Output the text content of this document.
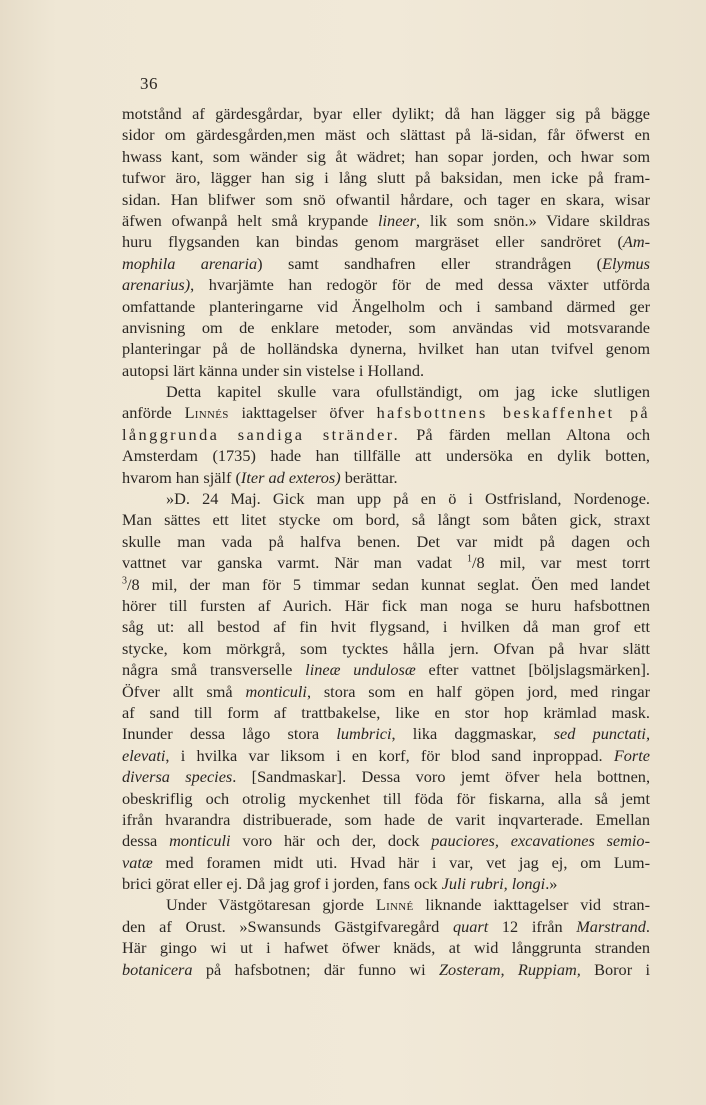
36
motstånd af gärdesgårdar, byar eller dylikt; då han lägger sig på bägge
sidor om gärdesgården,men mäst och slättast på lä-sidan, får öfwerst en
hwass kant, som wänder sig åt wädret; han sopar jorden, och hwar som
tufwor äro, lägger han sig i lång slutt på baksidan, men icke på fram-
sidan. Han blifwer som snö ofwantil hårdare, och tager en skara, wisar
äfwen ofwanpå helt små krypande lineer, lik som snön.» Vidare skildras
huru flygsanden kan bindas genom margräset eller sandröret (Am-
mophila arenaria) samt sandhafren eller strandrågen (Elymus
arenarius), hvarjämte han redogör för de med dessa växter utförda
omfattande planteringarne vid Ängelholm och i samband därmed ger
anvisning om de enklare metoder, som användas vid motsvarande
planteringar på de holländska dynerna, hvilket han utan tvifvel genom
autopsi lärt känna under sin vistelse i Holland.
Detta kapitel skulle vara ofullständigt, om jag icke slutligen
anförde Linnés iakttagelser öfver hafsbottnens beskaffenhet på
långgrunda sandiga stränder. På färden mellan Altona och
Amsterdam (1735) hade han tillfälle att undersöka en dylik botten,
hvarom han själf (Iter ad exteros) berättar.
»D. 24 Maj. Gick man upp på en ö i Ostfrisland, Nordenoge.
Man sättes ett litet stycke om bord, så långt som båten gick, straxt
skulle man vada på halfva benen. Det var midt på dagen och
vattnet var ganska varmt. När man vadat $^1$/8 mil, var mest torrt
$^3$/8 mil, der man för 5 timmar sedan kunnat seglat. Öen med landet
hörer till fursten af Aurich. Här fick man noga se huru hafsbottnen
såg ut: all bestod af fin hvit flygsand, i hvilken då man grof ett
stycke, kom mörkgrå, som tycktes hålla jern. Ofvan på hvar slätt
några små transverselle lineæ undulosæ efter vattnet [böljslagsmärken].
Öfver allt små monticuli, stora som en half göpen jord, med ringar
af sand till form af trattbakelse, like en stor hop krämlad mask.
Inunder dessa lågo stora lumbrici, lika daggmaskar, sed punctati,
elevati, i hvilka var liksom i en korf, för blod sand inproppad. Forte
diversa species. [Sandmaskar]. Dessa voro jemt öfver hela bottnen,
obeskriflig och otrolig myckenhet till föda för fiskarna, alla så jemt
ifrån hvarandra distribuerade, som hade de varit inqvarterade. Emellan
dessa monticuli voro här och der, dock pauciores, excavationes semio-
vatæ med foramen midt uti. Hvad här i var, vet jag ej, om Lum-
brici görat eller ej. Då jag grof i jorden, fans ock Juli rubri, longi.»
Under Västgötaresan gjorde Linné liknande iakttagelser vid stran-
den af Orust. »Swansunds Gästgifvaregård quart 12 ifrån Marstrand.
Här gingo wi ut i hafwet öfwer knäds, at wid långgrunta stranden
botanicera på hafsbotnen; där funno wi Zosteram, Ruppiam, Boror i
